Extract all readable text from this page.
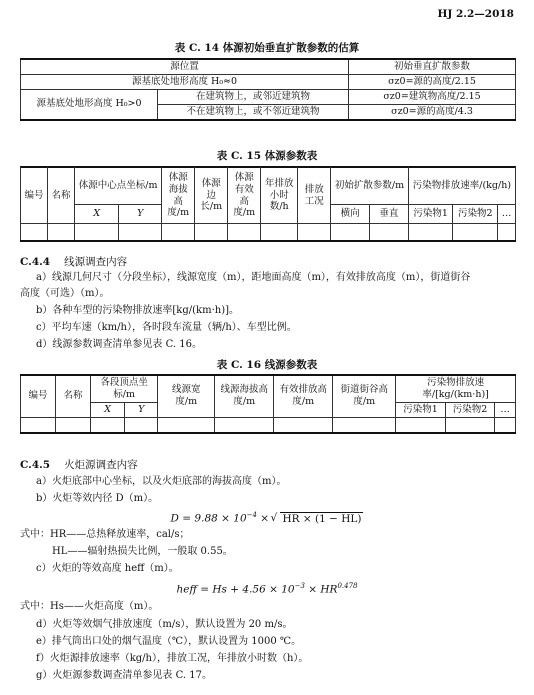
HJ 2.2—2018
表 C. 14 体源初始垂直扩散参数的估算
源位置		初始垂直扩散参数
源基底处地形高度 H₀≈0		σz0=源的高度/2.15
源基底处地形高度 H₀>0	在建筑物上，或邻近建筑物	σz0=建筑物高度/2.15
	不在建筑物上，或不邻近建筑物	σz0=源的高度/4.3
表 C. 15 体源参数表
编号	名称	体源中心点坐标/m		体源海拔高度/m	体源边长/m	体源有效高度/m	年排放小时数/h	排放工况	初始扩散参数/m		污染物排放速率/(kg/h)		

		X	Y						横向	垂直	污染物1	污染物2	…

C.4.4 线源调查内容
a）线源几何尺寸（分段坐标），线源宽度（m），距地面高度（m），有效排放高度（m），街道街谷
高度（可选）（m）。
b）各种车型的污染物排放速率[kg/(km·h)]。
c）平均车速（km/h），各时段车流量（辆/h）、车型比例。
d）线源参数调查清单参见表 C. 16。
表 C. 16 线源参数表
编号	名称	各段顶点坐标/m		线源宽度/m	线源海拔高度/m	有效排放高度/m	街道街谷高度/m	污染物排放速率/[kg/(km·h)]		
		X	Y					污染物1	污染物2	…

C.4.5 火炬源调查内容
a）火炬底部中心坐标，以及火炬底部的海拔高度（m）。
b）火炬等效内径 D（m）。
$D = 9.88 \times 10^{-4}$ × √ HR × (1 − HL)
式中：HR——总热释放速率，cal/s；
HL——辐射热损失比例，一般取 0.55。
c）火炬的等效高度 heff（m）。
heff = $Hs + 4.56 \times 10^{-3} \times HR^{0.478}$
式中：Hs——火炬高度（m）。
d）火炬等效烟气排放速度（m/s），默认设置为 20 m/s。
e）排气筒出口处的烟气温度（℃），默认设置为 1000 ℃。
f）火炬源排放速率（kg/h），排放工况，年排放小时数（h）。
g）火炬源参数调查清单参见表 C. 17。
